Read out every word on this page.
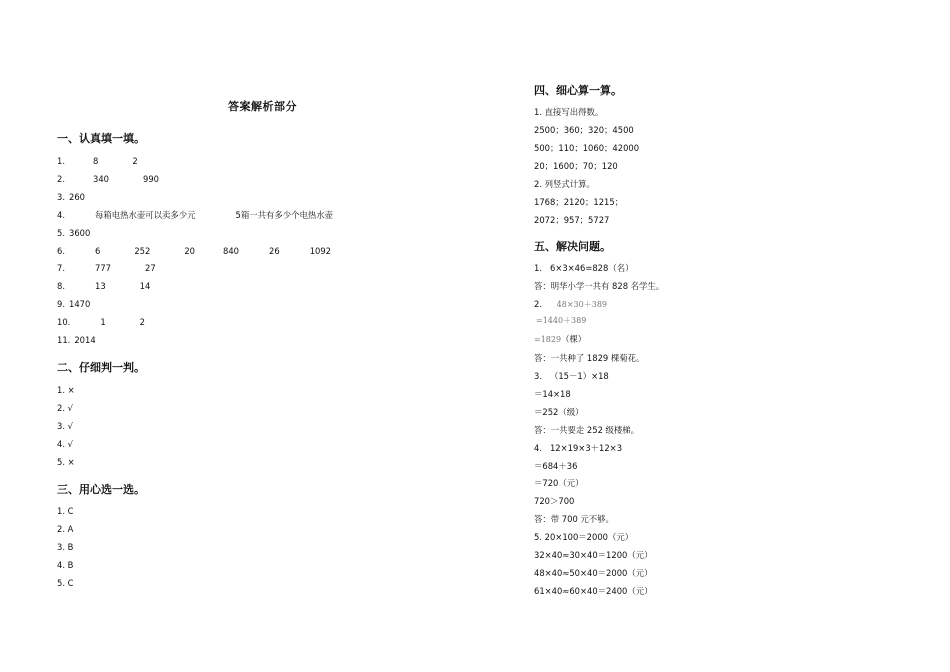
答案解析部分
一、认真填一填。
1.	8	2
2.	340	990
3. 260
4.	每箱电热水壶可以卖多少元	5箱一共有多少个电热水壶
5. 3600
6.	6	252	20	840	26	1092
7.	777	27
8.	13	14
9. 1470
10.	1	2
11. 2014
二、仔细判一判。
1. ×
2. √
3. √
4. √
5. ×
三、用心选一选。
1. C
2. A
3. B
4. B
5. C
四、细心算一算。
1. 直接写出得数。
2500；360；320；4500
500；110；1060；42000
20；1600；70；120
2. 列竖式计算。
1768；2120；1215；
2072；957；5727
五、解决问题。
1.   6×3×46=828（名）
答：明华小学一共有 828 名学生。
2. 48×30＋389
=1440＋389
=1829（棵）
答：一共种了 1829 棵菊花。
3.   （15－1）×18
＝14×18
＝252（级）
答：一共要走 252 级楼梯。
4.   12×19×3＋12×3
＝684＋36
＝720（元）
720＞700
答：带 700 元不够。
5. 20×100＝2000（元）
32×40≈30×40＝1200（元）
48×40≈50×40＝2000（元）
61×40≈60×40＝2400（元）
